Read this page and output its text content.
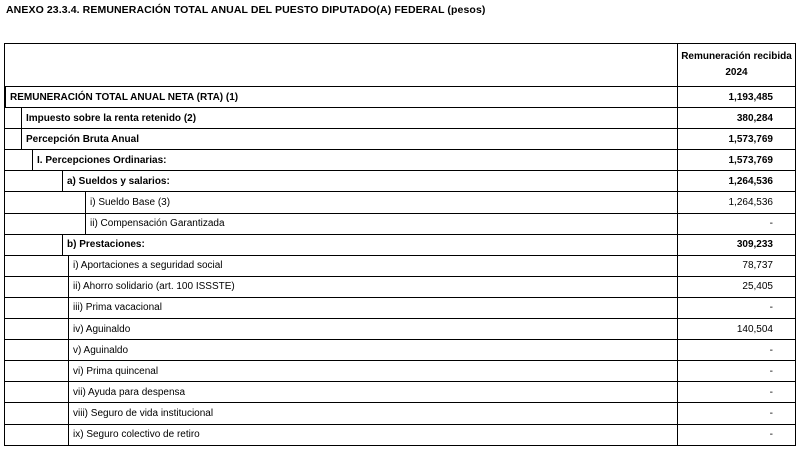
ANEXO 23.3.4. REMUNERACIÓN TOTAL ANUAL DEL PUESTO DIPUTADO(A) FEDERAL (pesos)

	Remuneración recibida
2024

REMUNERACIÓN TOTAL ANUAL NETA (RTA) (1)	1,193,485

Impuesto sobre la renta retenido (2)	380,284

Percepción Bruta Anual	1,573,769

I. Percepciones Ordinarias:	1,573,769

a) Sueldos y salarios:	1,264,536

i) Sueldo Base (3)	1,264,536

ii) Compensación Garantizada	-

b) Prestaciones:	309,233

i) Aportaciones a seguridad social	78,737

ii) Ahorro solidario (art. 100 ISSSTE)	25,405

iii) Prima vacacional	-

iv) Aguinaldo	140,504

v) Aguinaldo	-

vi) Prima quincenal	-

vii) Ayuda para despensa	-

viii) Seguro de vida institucional	-

ix) Seguro colectivo de retiro	-
